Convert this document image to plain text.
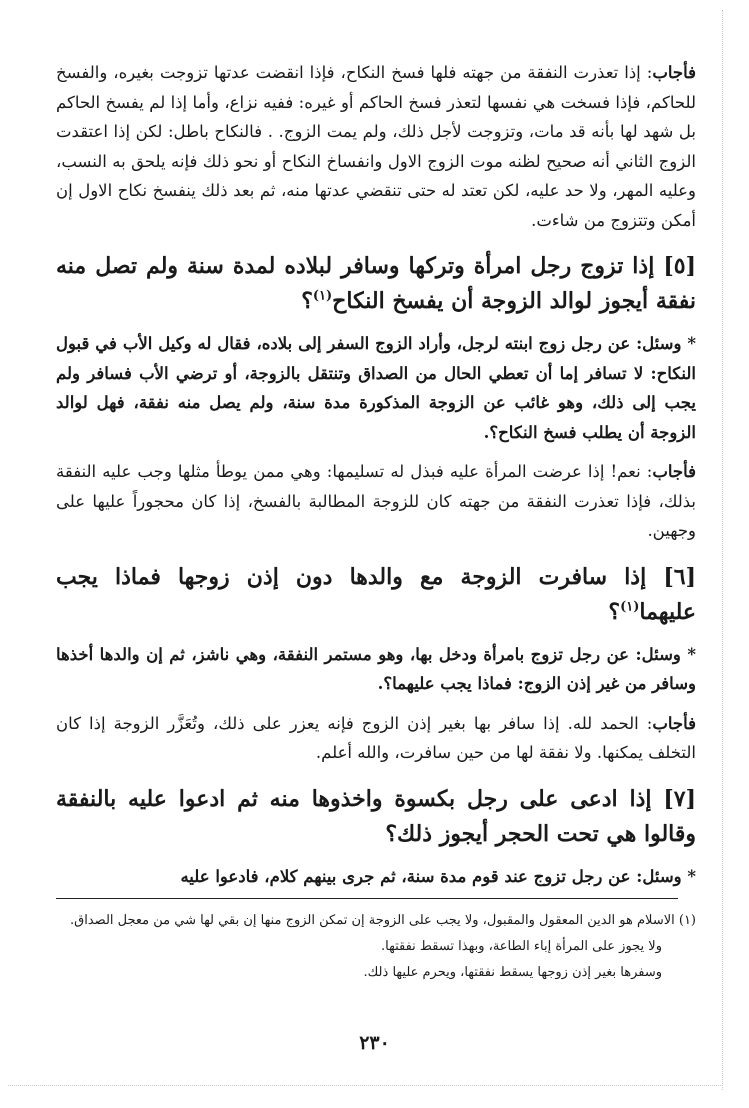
فأجاب: إذا تعذرت النفقة من جهته فلها فسخ النكاح، فإذا انقضت عدتها تزوجت بغيره، والفسخ للحاكم، فإذا فسخت هي نفسها لتعذر فسخ الحاكم أو غيره: ففيه نزاع، وأما إذا لم يفسخ الحاكم بل شهد لها بأنه قد مات، وتزوجت لأجل ذلك، ولم يمت الزوج. . فالنكاح باطل: لكن إذا اعتقدت الزوج الثاني أنه صحيح لظنه موت الزوج الاول وانفساخ النكاح أو نحو ذلك فإنه يلحق به النسب، وعليه المهر، ولا حد عليه، لكن تعتد له حتى تنقضي عدتها منه، ثم بعد ذلك ينفسخ نكاح الاول إن أمكن وتتزوج من شاءت.

[٥] إذا تزوج رجل امرأة وتركها وسافر لبلاده لمدة سنة ولم تصل منه نفقة أيجوز لوالد الزوجة أن يفسخ النكاح$^{(١)}$؟

* وسئل: عن رجل زوج ابنته لرجل، وأراد الزوج السفر إلى بلاده، فقال له وكيل الأب في قبول النكاح: لا تسافر إما أن تعطي الحال من الصداق وتنتقل بالزوجة، أو ترضي الأب فسافر ولم يجب إلى ذلك، وهو غائب عن الزوجة المذكورة مدة سنة، ولم يصل منه نفقة، فهل لوالد الزوجة أن يطلب فسخ النكاح؟.

فأجاب: نعم! إذا عرضت المرأة عليه فبذل له تسليمها: وهي ممن يوطأ مثلها وجب عليه النفقة بذلك، فإذا تعذرت النفقة من جهته كان للزوجة المطالبة بالفسخ، إذا كان محجوراً عليها على وجهين.

[٦] إذا سافرت الزوجة مع والدها دون إذن زوجها فماذا يجب عليهما$^{(١)}$؟

* وسئل: عن رجل تزوج بامرأة ودخل بها، وهو مستمر النفقة، وهي ناشز، ثم إن والدها أخذها وسافر من غير إذن الزوج: فماذا يجب عليهما؟.

فأجاب: الحمد لله. إذا سافر بها بغير إذن الزوج فإنه يعزر على ذلك، وتُعَزَّر الزوجة إذا كان التخلف يمكنها. ولا نفقة لها من حين سافرت، والله أعلم.

[٧] إذا ادعى على رجل بكسوة واخذوها منه ثم ادعوا عليه بالنفقة وقالوا هي تحت الحجر أيجوز ذلك؟

* وسئل: عن رجل تزوج عند قوم مدة سنة، ثم جرى بينهم كلام، فادعوا عليه

(١) الاسلام هو الدين المعقول والمقبول، ولا يجب على الزوجة إن تمكن الزوج منها إن بقي لها شي من معجل الصداق.

ولا يجوز على المرأة إباء الطاعة، وبهذا تسقط نفقتها.

وسفرها بغير إذن زوجها يسقط نفقتها، ويحرم عليها ذلك.

٢٣٠
